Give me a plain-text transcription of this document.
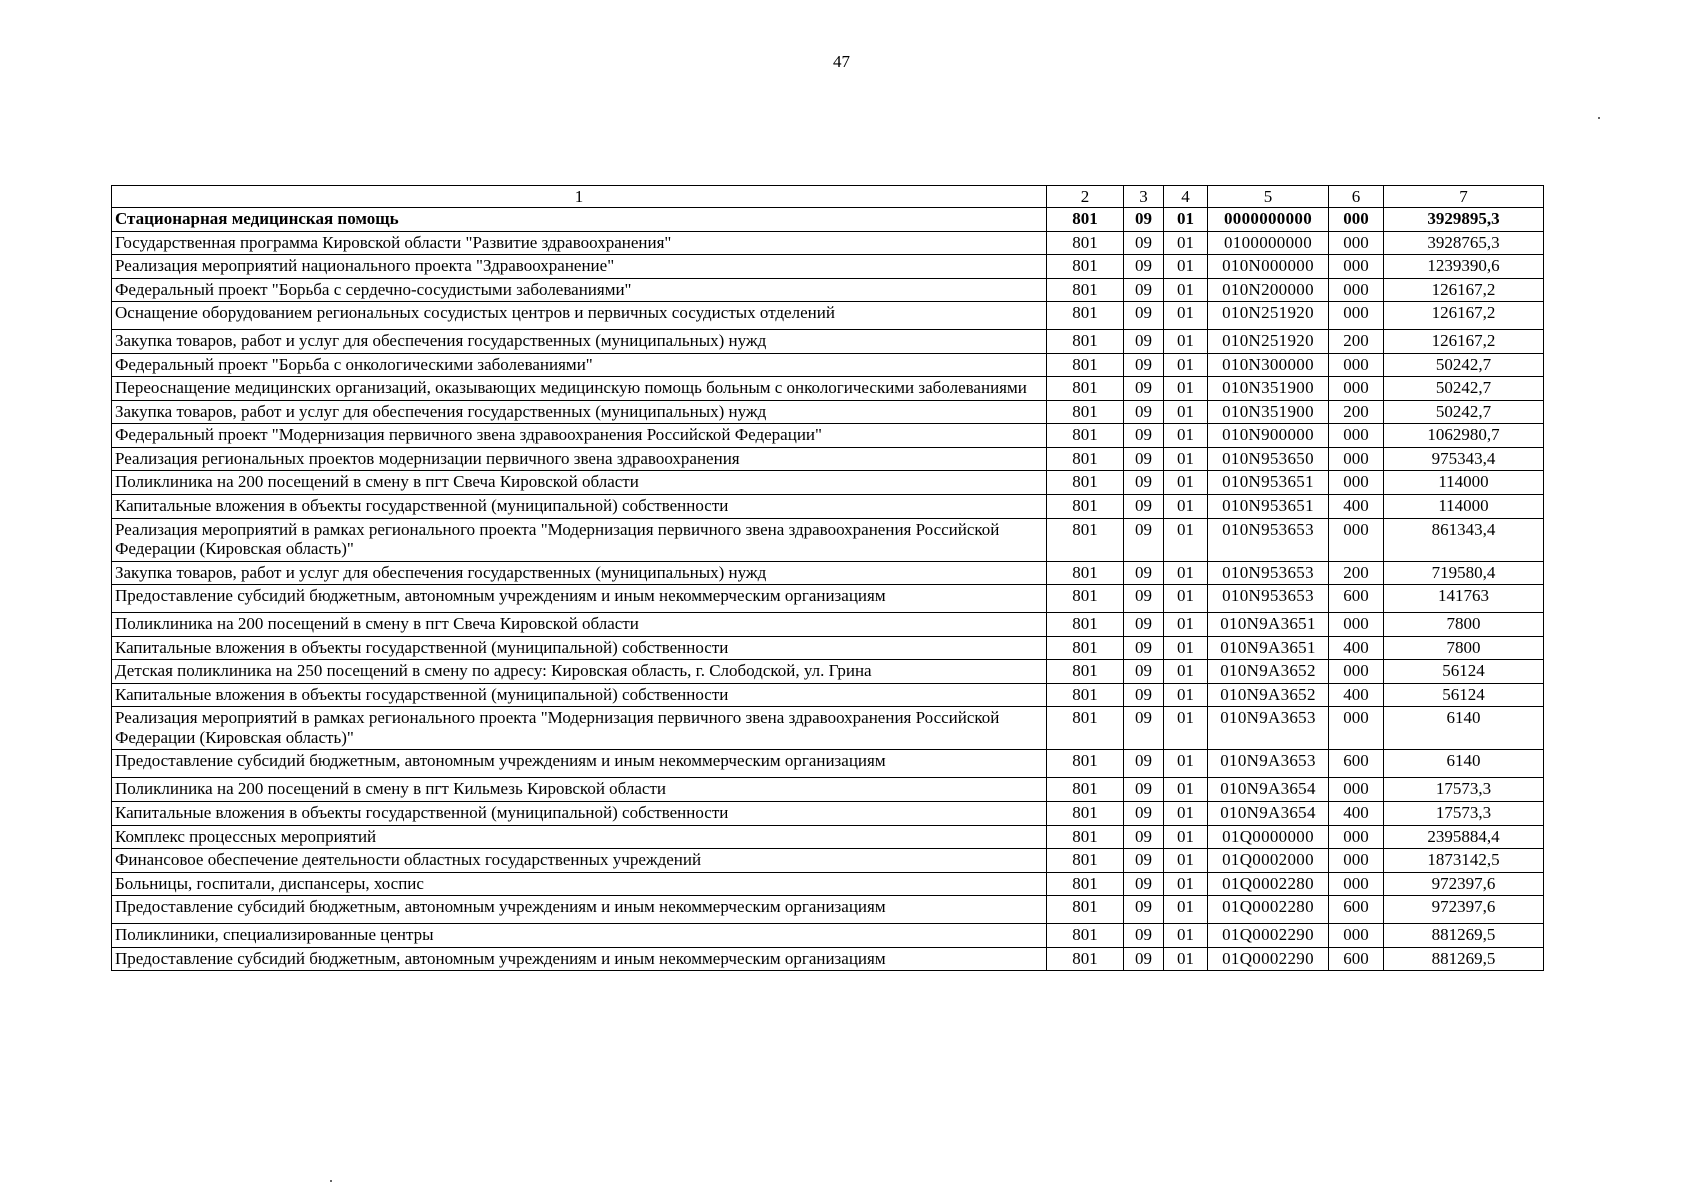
47
1	2	3	4	5	6	7
Стационарная медицинская помощь	801	09	01	0000000000	000	3929895,3
Государственная программа Кировской области "Развитие здравоохранения"	801	09	01	0100000000	000	3928765,3
Реализация мероприятий национального проекта "Здравоохранение"	801	09	01	010N000000	000	1239390,6
Федеральный проект "Борьба с сердечно-сосудистыми заболеваниями"	801	09	01	010N200000	000	126167,2
Оснащение оборудованием региональных сосудистых центров и первичных сосудистых отделений	801	09	01	010N251920	000	126167,2
Закупка товаров, работ и услуг для обеспечения государственных (муниципальных) нужд	801	09	01	010N251920	200	126167,2
Федеральный проект "Борьба с онкологическими заболеваниями"	801	09	01	010N300000	000	50242,7
Переоснащение медицинских организаций, оказывающих медицинскую помощь больным с онкологическими заболеваниями	801	09	01	010N351900	000	50242,7
Закупка товаров, работ и услуг для обеспечения государственных (муниципальных) нужд	801	09	01	010N351900	200	50242,7
Федеральный проект "Модернизация первичного звена здравоохранения Российской Федерации"	801	09	01	010N900000	000	1062980,7
Реализация региональных проектов модернизации первичного звена здравоохранения	801	09	01	010N953650	000	975343,4
Поликлиника на 200 посещений в смену в пгт Свеча Кировской области	801	09	01	010N953651	000	114000
Капитальные вложения в объекты государственной (муниципальной) собственности	801	09	01	010N953651	400	114000
Реализация мероприятий в рамках регионального проекта "Модернизация первичного звена здравоохранения Российской Федерации (Кировская область)"	801	09	01	010N953653	000	861343,4
Закупка товаров, работ и услуг для обеспечения государственных (муниципальных) нужд	801	09	01	010N953653	200	719580,4
Предоставление субсидий бюджетным, автономным учреждениям и иным некоммерческим организациям	801	09	01	010N953653	600	141763
Поликлиника на 200 посещений в смену в пгт Свеча Кировской области	801	09	01	010N9A3651	000	7800
Капитальные вложения в объекты государственной (муниципальной) собственности	801	09	01	010N9A3651	400	7800
Детская поликлиника на 250 посещений в смену по адресу: Кировская область, г. Слободской, ул. Грина	801	09	01	010N9A3652	000	56124
Капитальные вложения в объекты государственной (муниципальной) собственности	801	09	01	010N9A3652	400	56124
Реализация мероприятий в рамках регионального проекта "Модернизация первичного звена здравоохранения Российской Федерации (Кировская область)"	801	09	01	010N9A3653	000	6140
Предоставление субсидий бюджетным, автономным учреждениям и иным некоммерческим организациям	801	09	01	010N9A3653	600	6140
Поликлиника на 200 посещений в смену в пгт Кильмезь Кировской области	801	09	01	010N9A3654	000	17573,3
Капитальные вложения в объекты государственной (муниципальной) собственности	801	09	01	010N9A3654	400	17573,3
Комплекс процессных мероприятий	801	09	01	01Q0000000	000	2395884,4
Финансовое обеспечение деятельности областных государственных учреждений	801	09	01	01Q0002000	000	1873142,5
Больницы, госпитали, диспансеры, хоспис	801	09	01	01Q0002280	000	972397,6
Предоставление субсидий бюджетным, автономным учреждениям и иным некоммерческим организациям	801	09	01	01Q0002280	600	972397,6
Поликлиники, специализированные центры	801	09	01	01Q0002290	000	881269,5
Предоставление субсидий бюджетным, автономным учреждениям и иным некоммерческим организациям	801	09	01	01Q0002290	600	881269,5
